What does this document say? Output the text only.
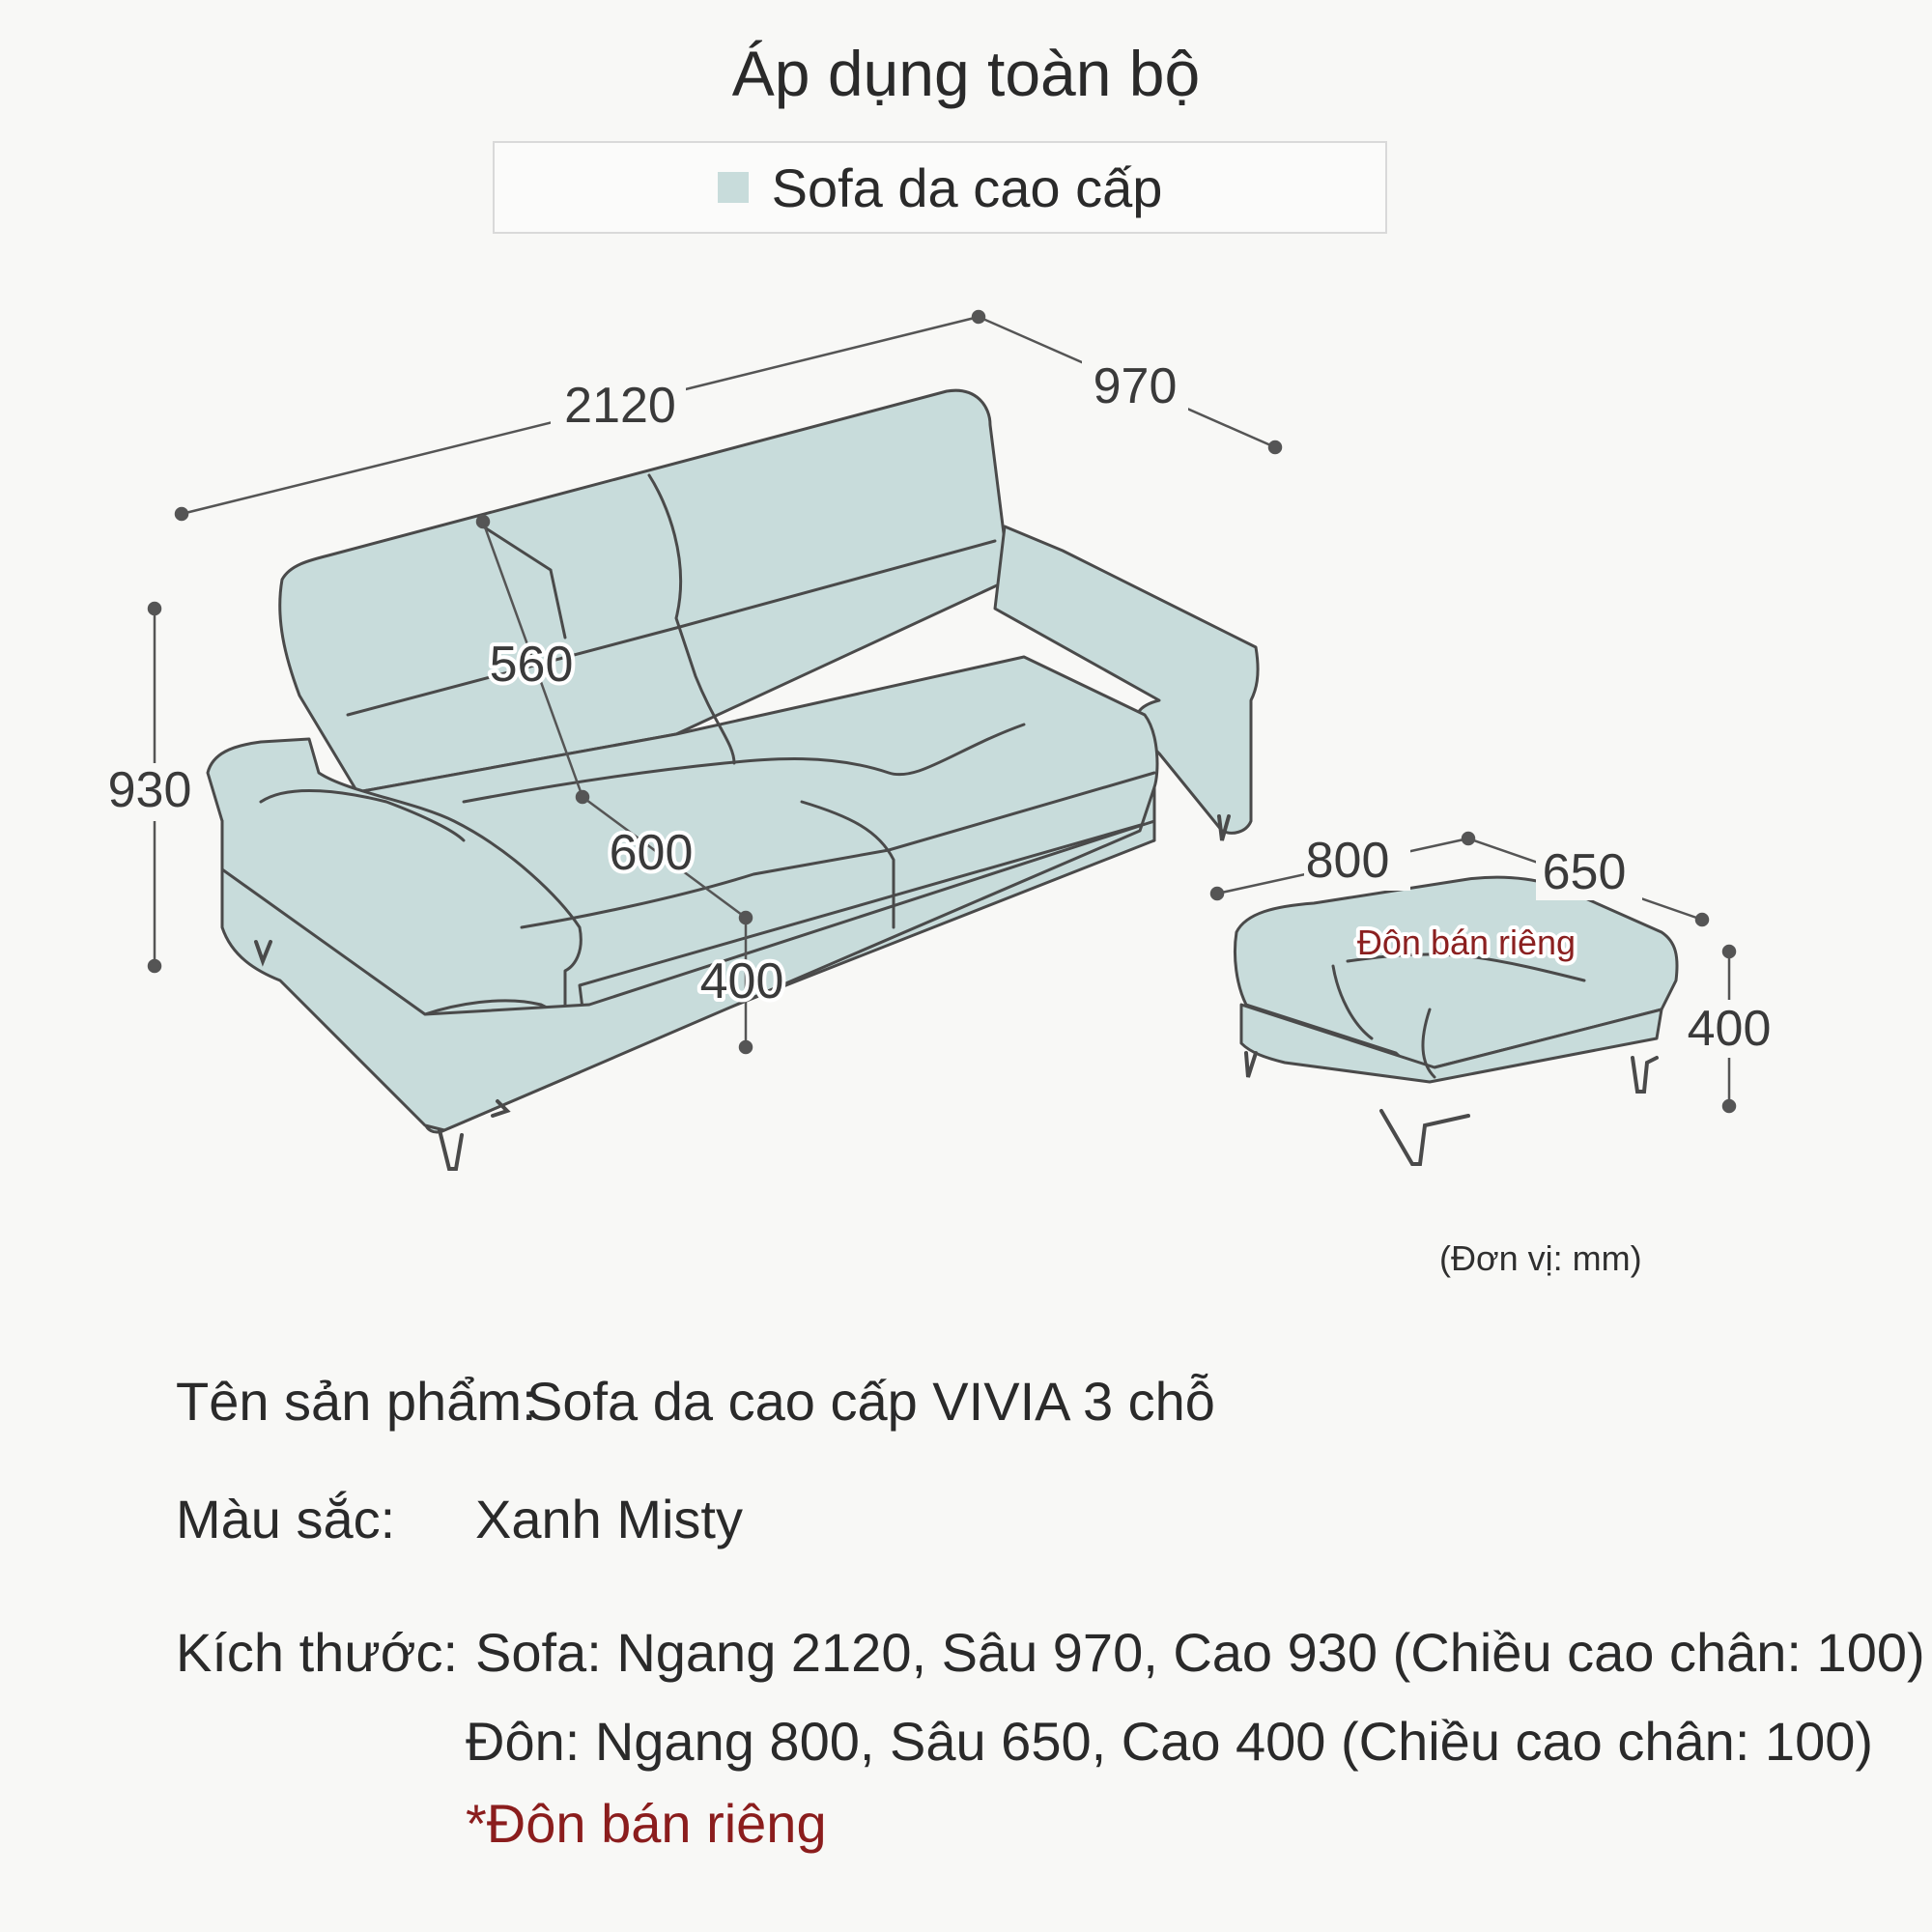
Áp dụng toàn bộ
Sofa da cao cấp
2120	970
930
560
600
400
800	650
400
Đôn bán riêng
(Đơn vị: mm)
Tên sản phẩm:
Sofa da cao cấp VIVIA 3 chỗ
Màu sắc: Xanh Misty
Kích thước: Sofa: Ngang 2120, Sâu 970, Cao 930 (Chiều cao chân: 100)
Đôn: Ngang 800, Sâu 650, Cao 400 (Chiều cao chân: 100)
*Đôn bán riêng
